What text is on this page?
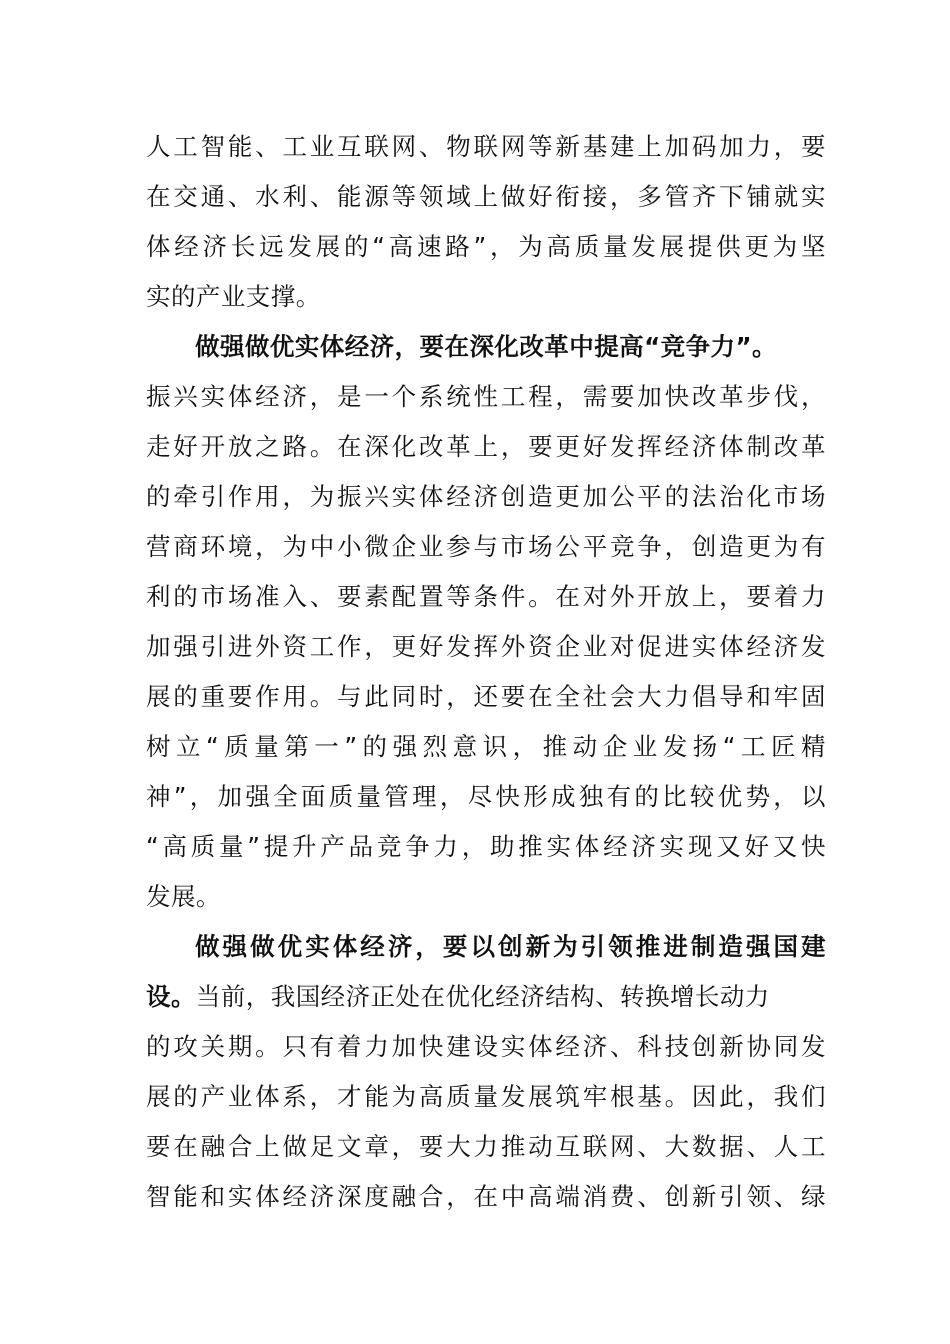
人工智能、工业互联网、物联网等新基建上加码加力，要
在交通、水利、能源等领域上做好衔接，多管齐下铺就实
体经济长远发展的“高速路”，为高质量发展提供更为坚
实的产业支撑。
做强做优实体经济，要在深化改革中提高“竞争力”。
振兴实体经济，是一个系统性工程，需要加快改革步伐，
走好开放之路。在深化改革上，要更好发挥经济体制改革
的牵引作用，为振兴实体经济创造更加公平的法治化市场
营商环境，为中小微企业参与市场公平竞争，创造更为有
利的市场准入、要素配置等条件。在对外开放上，要着力
加强引进外资工作，更好发挥外资企业对促进实体经济发
展的重要作用。与此同时，还要在全社会大力倡导和牢固
树立“质量第一”的强烈意识，推动企业发扬“工匠精
神”，加强全面质量管理，尽快形成独有的比较优势，以
“高质量”提升产品竞争力，助推实体经济实现又好又快
发展。
做强做优实体经济，要以创新为引领推进制造强国建
设。当前，我国经济正处在优化经济结构、转换增长动力
的攻关期。只有着力加快建设实体经济、科技创新协同发
展的产业体系，才能为高质量发展筑牢根基。因此，我们
要在融合上做足文章，要大力推动互联网、大数据、人工
智能和实体经济深度融合，在中高端消费、创新引领、绿
